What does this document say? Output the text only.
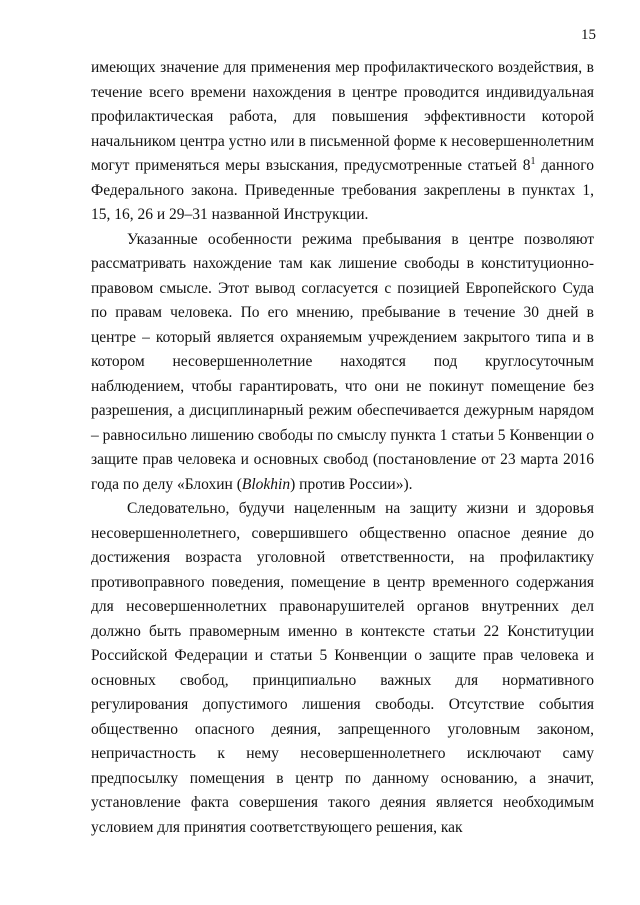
15

имеющих значение для применения мер профилактического воздействия, в течение всего времени нахождения в центре проводится индивидуальная профилактическая работа, для повышения эффективности которой начальником центра устно или в письменной форме к несовершеннолетним могут применяться меры взыскания, предусмотренные статьей $8^1$ данного Федерального закона. Приведенные требования закреплены в пунктах 1, 15, 16, 26 и 29–31 названной Инструкции.

Указанные особенности режима пребывания в центре позволяют рассматривать нахождение там как лишение свободы в конституционно-правовом смысле. Этот вывод согласуется с позицией Европейского Суда по правам человека. По его мнению, пребывание в течение 30 дней в центре – который является охраняемым учреждением закрытого типа и в котором несовершеннолетние находятся под круглосуточным наблюдением, чтобы гарантировать, что они не покинут помещение без разрешения, а дисциплинарный режим обеспечивается дежурным нарядом – равносильно лишению свободы по смыслу пункта 1 статьи 5 Конвенции о защите прав человека и основных свобод (постановление от 23 марта 2016 года по делу «Блохин (Blokhin) против России»).

Следовательно, будучи нацеленным на защиту жизни и здоровья несовершеннолетнего, совершившего общественно опасное деяние до достижения возраста уголовной ответственности, на профилактику противоправного поведения, помещение в центр временного содержания для несовершеннолетних правонарушителей органов внутренних дел должно быть правомерным именно в контексте статьи 22 Конституции Российской Федерации и статьи 5 Конвенции о защите прав человека и основных свобод, принципиально важных для нормативного регулирования допустимого лишения свободы. Отсутствие события общественно опасного деяния, запрещенного уголовным законом, непричастность к нему несовершеннолетнего исключают саму предпосылку помещения в центр по данному основанию, а значит, установление факта совершения такого деяния является необходимым условием для принятия соответствующего решения, как
